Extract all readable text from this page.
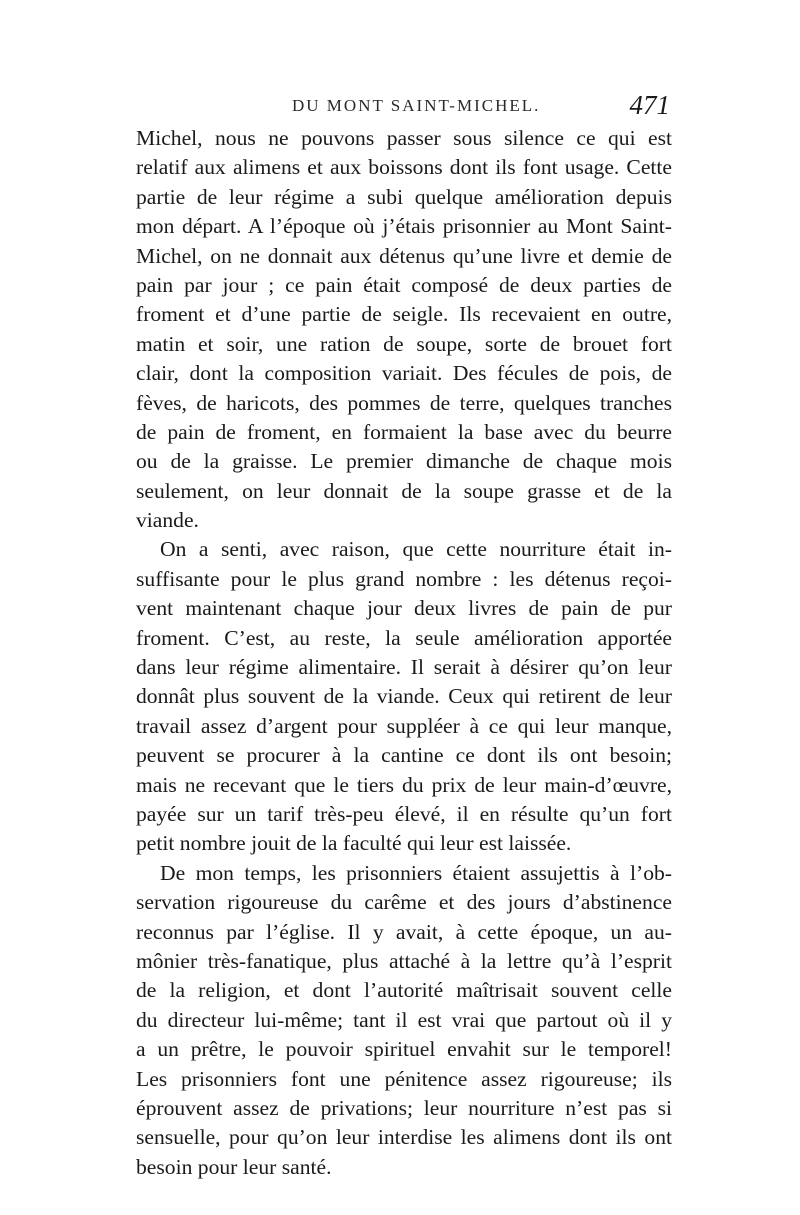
DU MONT SAINT-MICHEL.	471
Michel, nous ne pouvons passer sous silence ce qui est
relatif aux alimens et aux boissons dont ils font usage. Cette
partie de leur régime a subi quelque amélioration depuis
mon départ. A l’époque où j’étais prisonnier au Mont Saint-
Michel, on ne donnait aux détenus qu’une livre et demie de
pain par jour ; ce pain était composé de deux parties de
froment et d’une partie de seigle. Ils recevaient en outre,
matin et soir, une ration de soupe, sorte de brouet fort
clair, dont la composition variait. Des fécules de pois, de
fèves, de haricots, des pommes de terre, quelques tranches
de pain de froment, en formaient la base avec du beurre
ou de la graisse. Le premier dimanche de chaque mois
seulement, on leur donnait de la soupe grasse et de la
viande.
On a senti, avec raison, que cette nourriture était in-
suffisante pour le plus grand nombre : les détenus reçoi-
vent maintenant chaque jour deux livres de pain de pur
froment. C’est, au reste, la seule amélioration apportée
dans leur régime alimentaire. Il serait à désirer qu’on leur
donnât plus souvent de la viande. Ceux qui retirent de leur
travail assez d’argent pour suppléer à ce qui leur manque,
peuvent se procurer à la cantine ce dont ils ont besoin;
mais ne recevant que le tiers du prix de leur main-d’œuvre,
payée sur un tarif très-peu élevé, il en résulte qu’un fort
petit nombre jouit de la faculté qui leur est laissée.
De mon temps, les prisonniers étaient assujettis à l’ob-
servation rigoureuse du carême et des jours d’abstinence
reconnus par l’église. Il y avait, à cette époque, un au-
mônier très-fanatique, plus attaché à la lettre qu’à l’esprit
de la religion, et dont l’autorité maîtrisait souvent celle
du directeur lui-même; tant il est vrai que partout où il y
a un prêtre, le pouvoir spirituel envahit sur le temporel!
Les prisonniers font une pénitence assez rigoureuse; ils
éprouvent assez de privations; leur nourriture n’est pas si
sensuelle, pour qu’on leur interdise les alimens dont ils ont
besoin pour leur santé.
